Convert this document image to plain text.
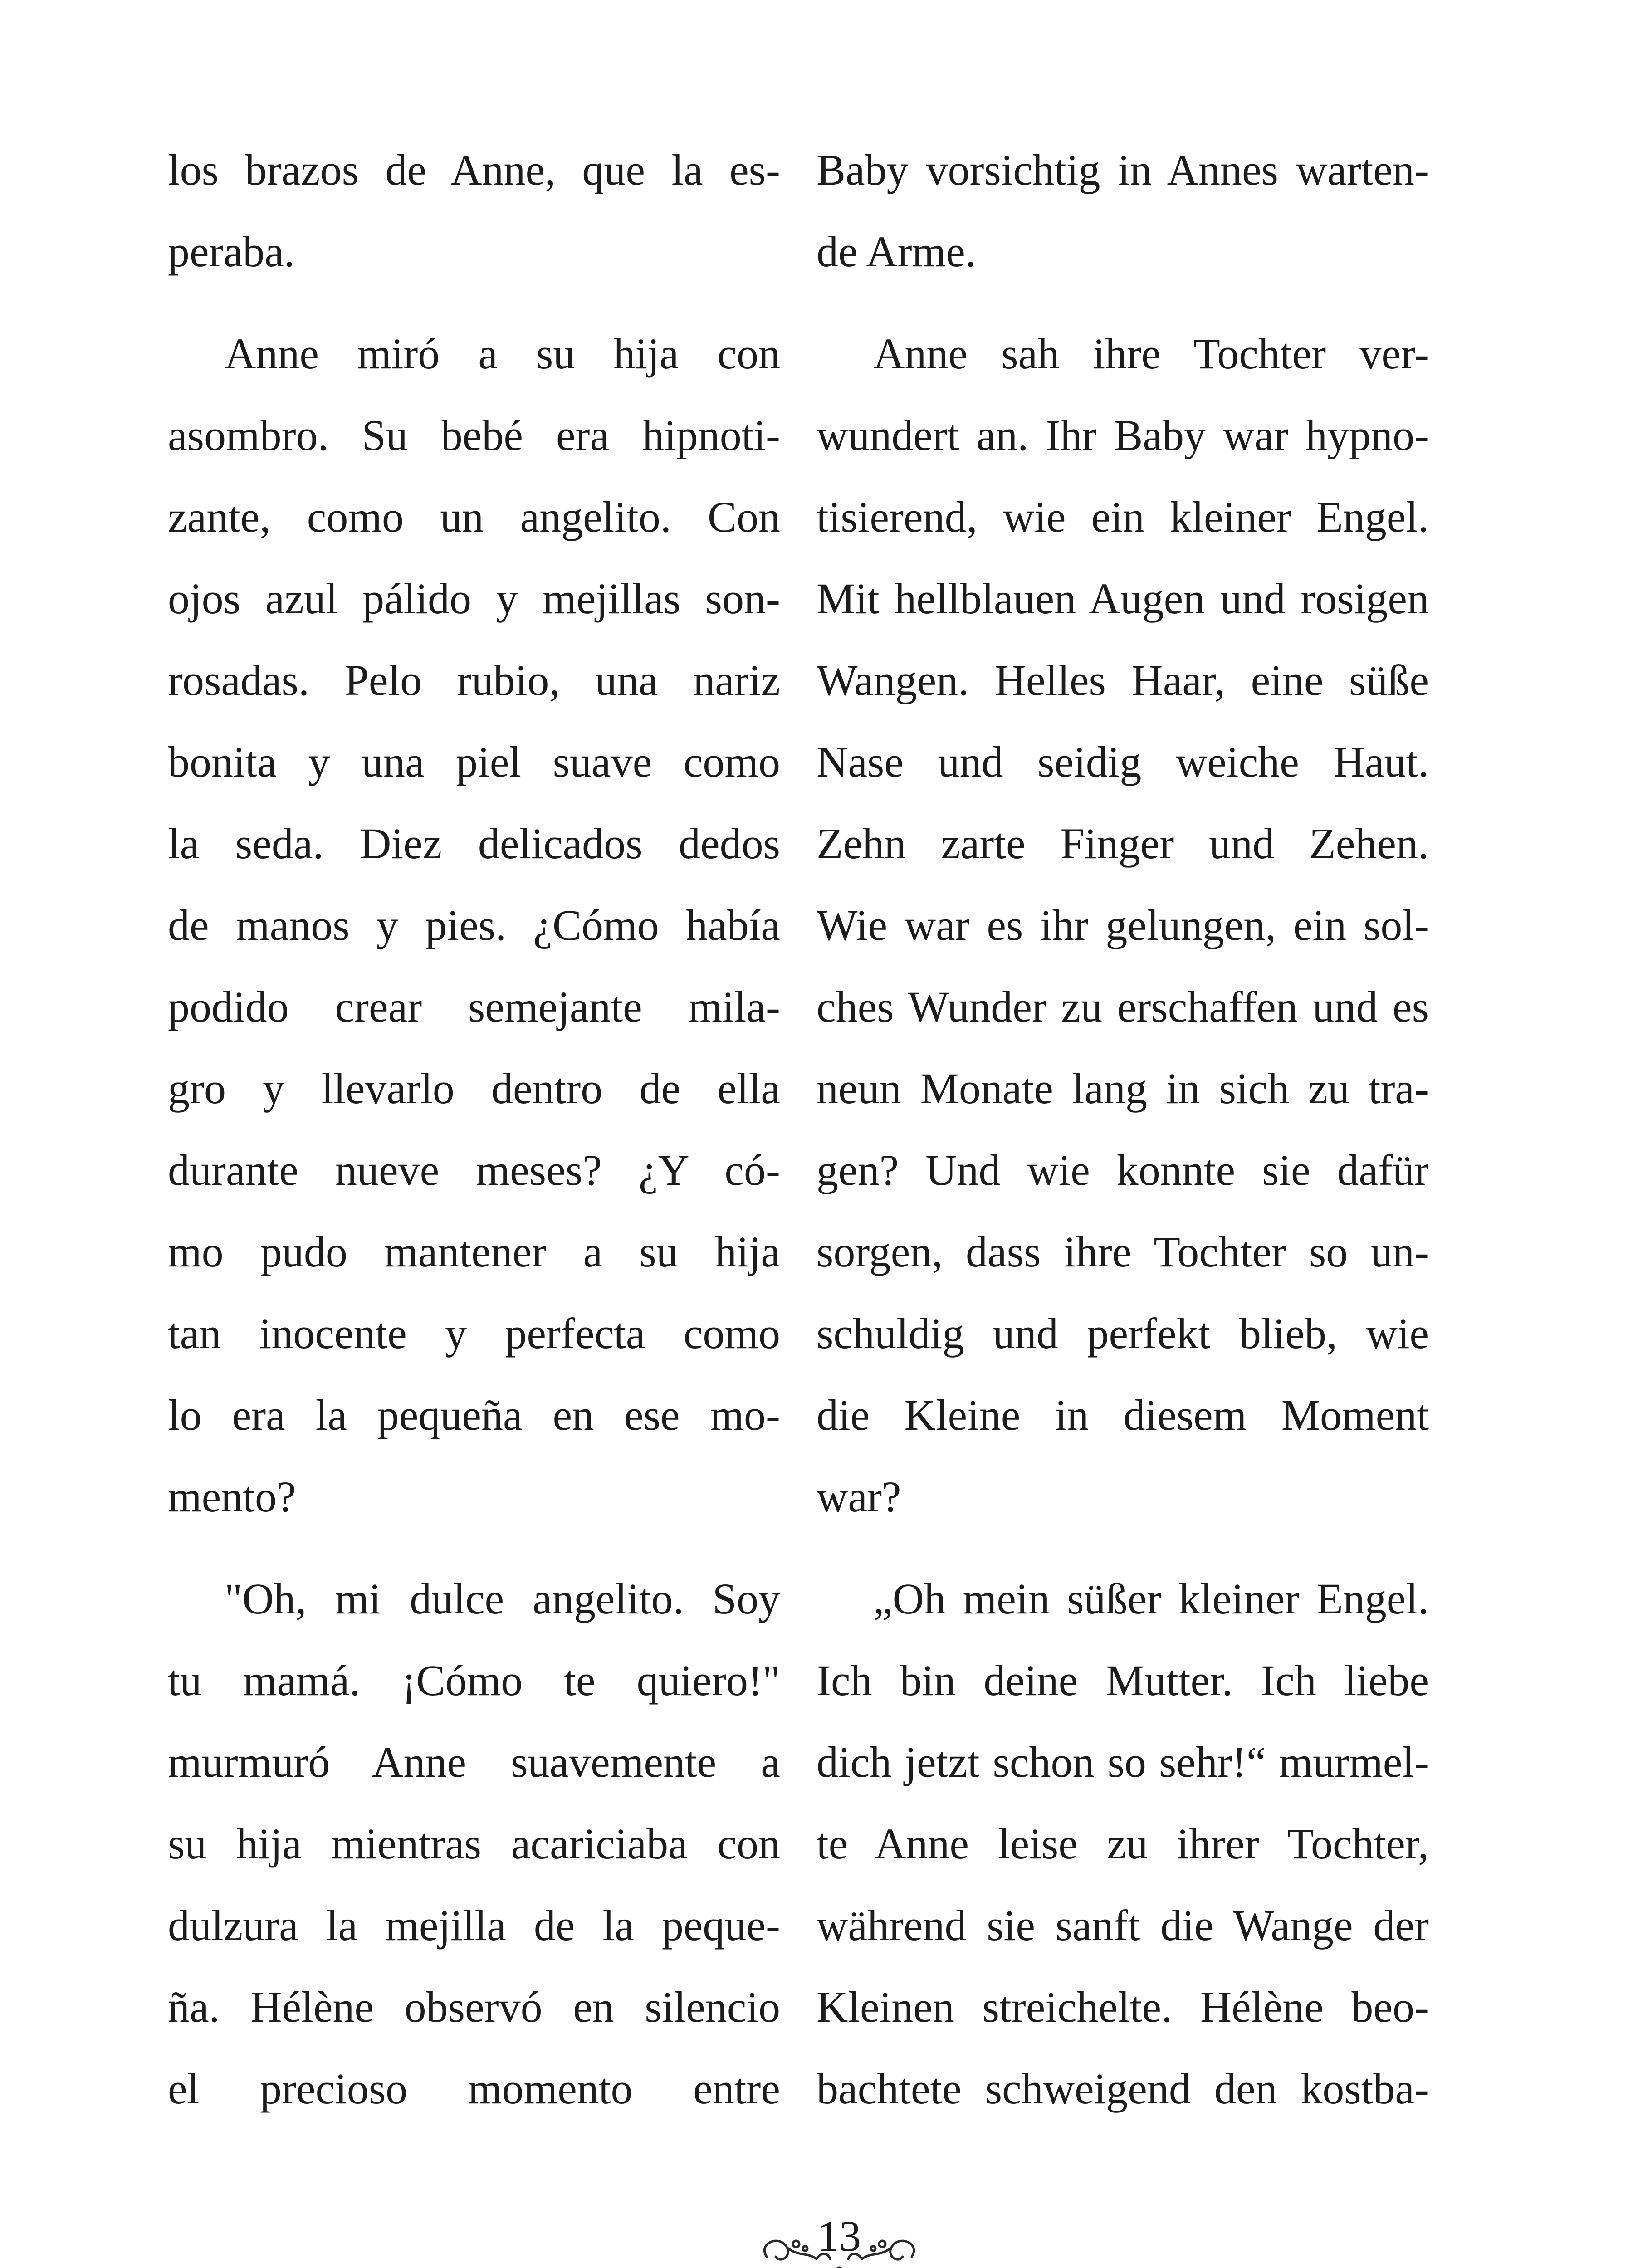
los brazos de Anne, que la es-
peraba.
Anne miró a su hija con
asombro. Su bebé era hipnoti-
zante, como un angelito. Con
ojos azul pálido y mejillas son-
rosadas. Pelo rubio, una nariz
bonita y una piel suave como
la seda. Diez delicados dedos
de manos y pies. ¿Cómo había
podido crear semejante mila-
gro y llevarlo dentro de ella
durante nueve meses? ¿Y có-
mo pudo mantener a su hija
tan inocente y perfecta como
lo era la pequeña en ese mo-
mento?
"Oh, mi dulce angelito. Soy
tu mamá. ¡Cómo te quiero!"
murmuró Anne suavemente a
su hija mientras acariciaba con
dulzura la mejilla de la peque-
ña. Hélène observó en silencio
el precioso momento entre
Baby vorsichtig in Annes warten-
de Arme.
Anne sah ihre Tochter ver-
wundert an. Ihr Baby war hypno-
tisierend, wie ein kleiner Engel.
Mit hellblauen Augen und rosigen
Wangen. Helles Haar, eine süße
Nase und seidig weiche Haut.
Zehn zarte Finger und Zehen.
Wie war es ihr gelungen, ein sol-
ches Wunder zu erschaffen und es
neun Monate lang in sich zu tra-
gen? Und wie konnte sie dafür
sorgen, dass ihre Tochter so un-
schuldig und perfekt blieb, wie
die Kleine in diesem Moment
war?
„Oh mein süßer kleiner Engel.
Ich bin deine Mutter. Ich liebe
dich jetzt schon so sehr!“ murmel-
te Anne leise zu ihrer Tochter,
während sie sanft die Wange der
Kleinen streichelte. Hélène beo-
bachtete schweigend den kostba-
13
